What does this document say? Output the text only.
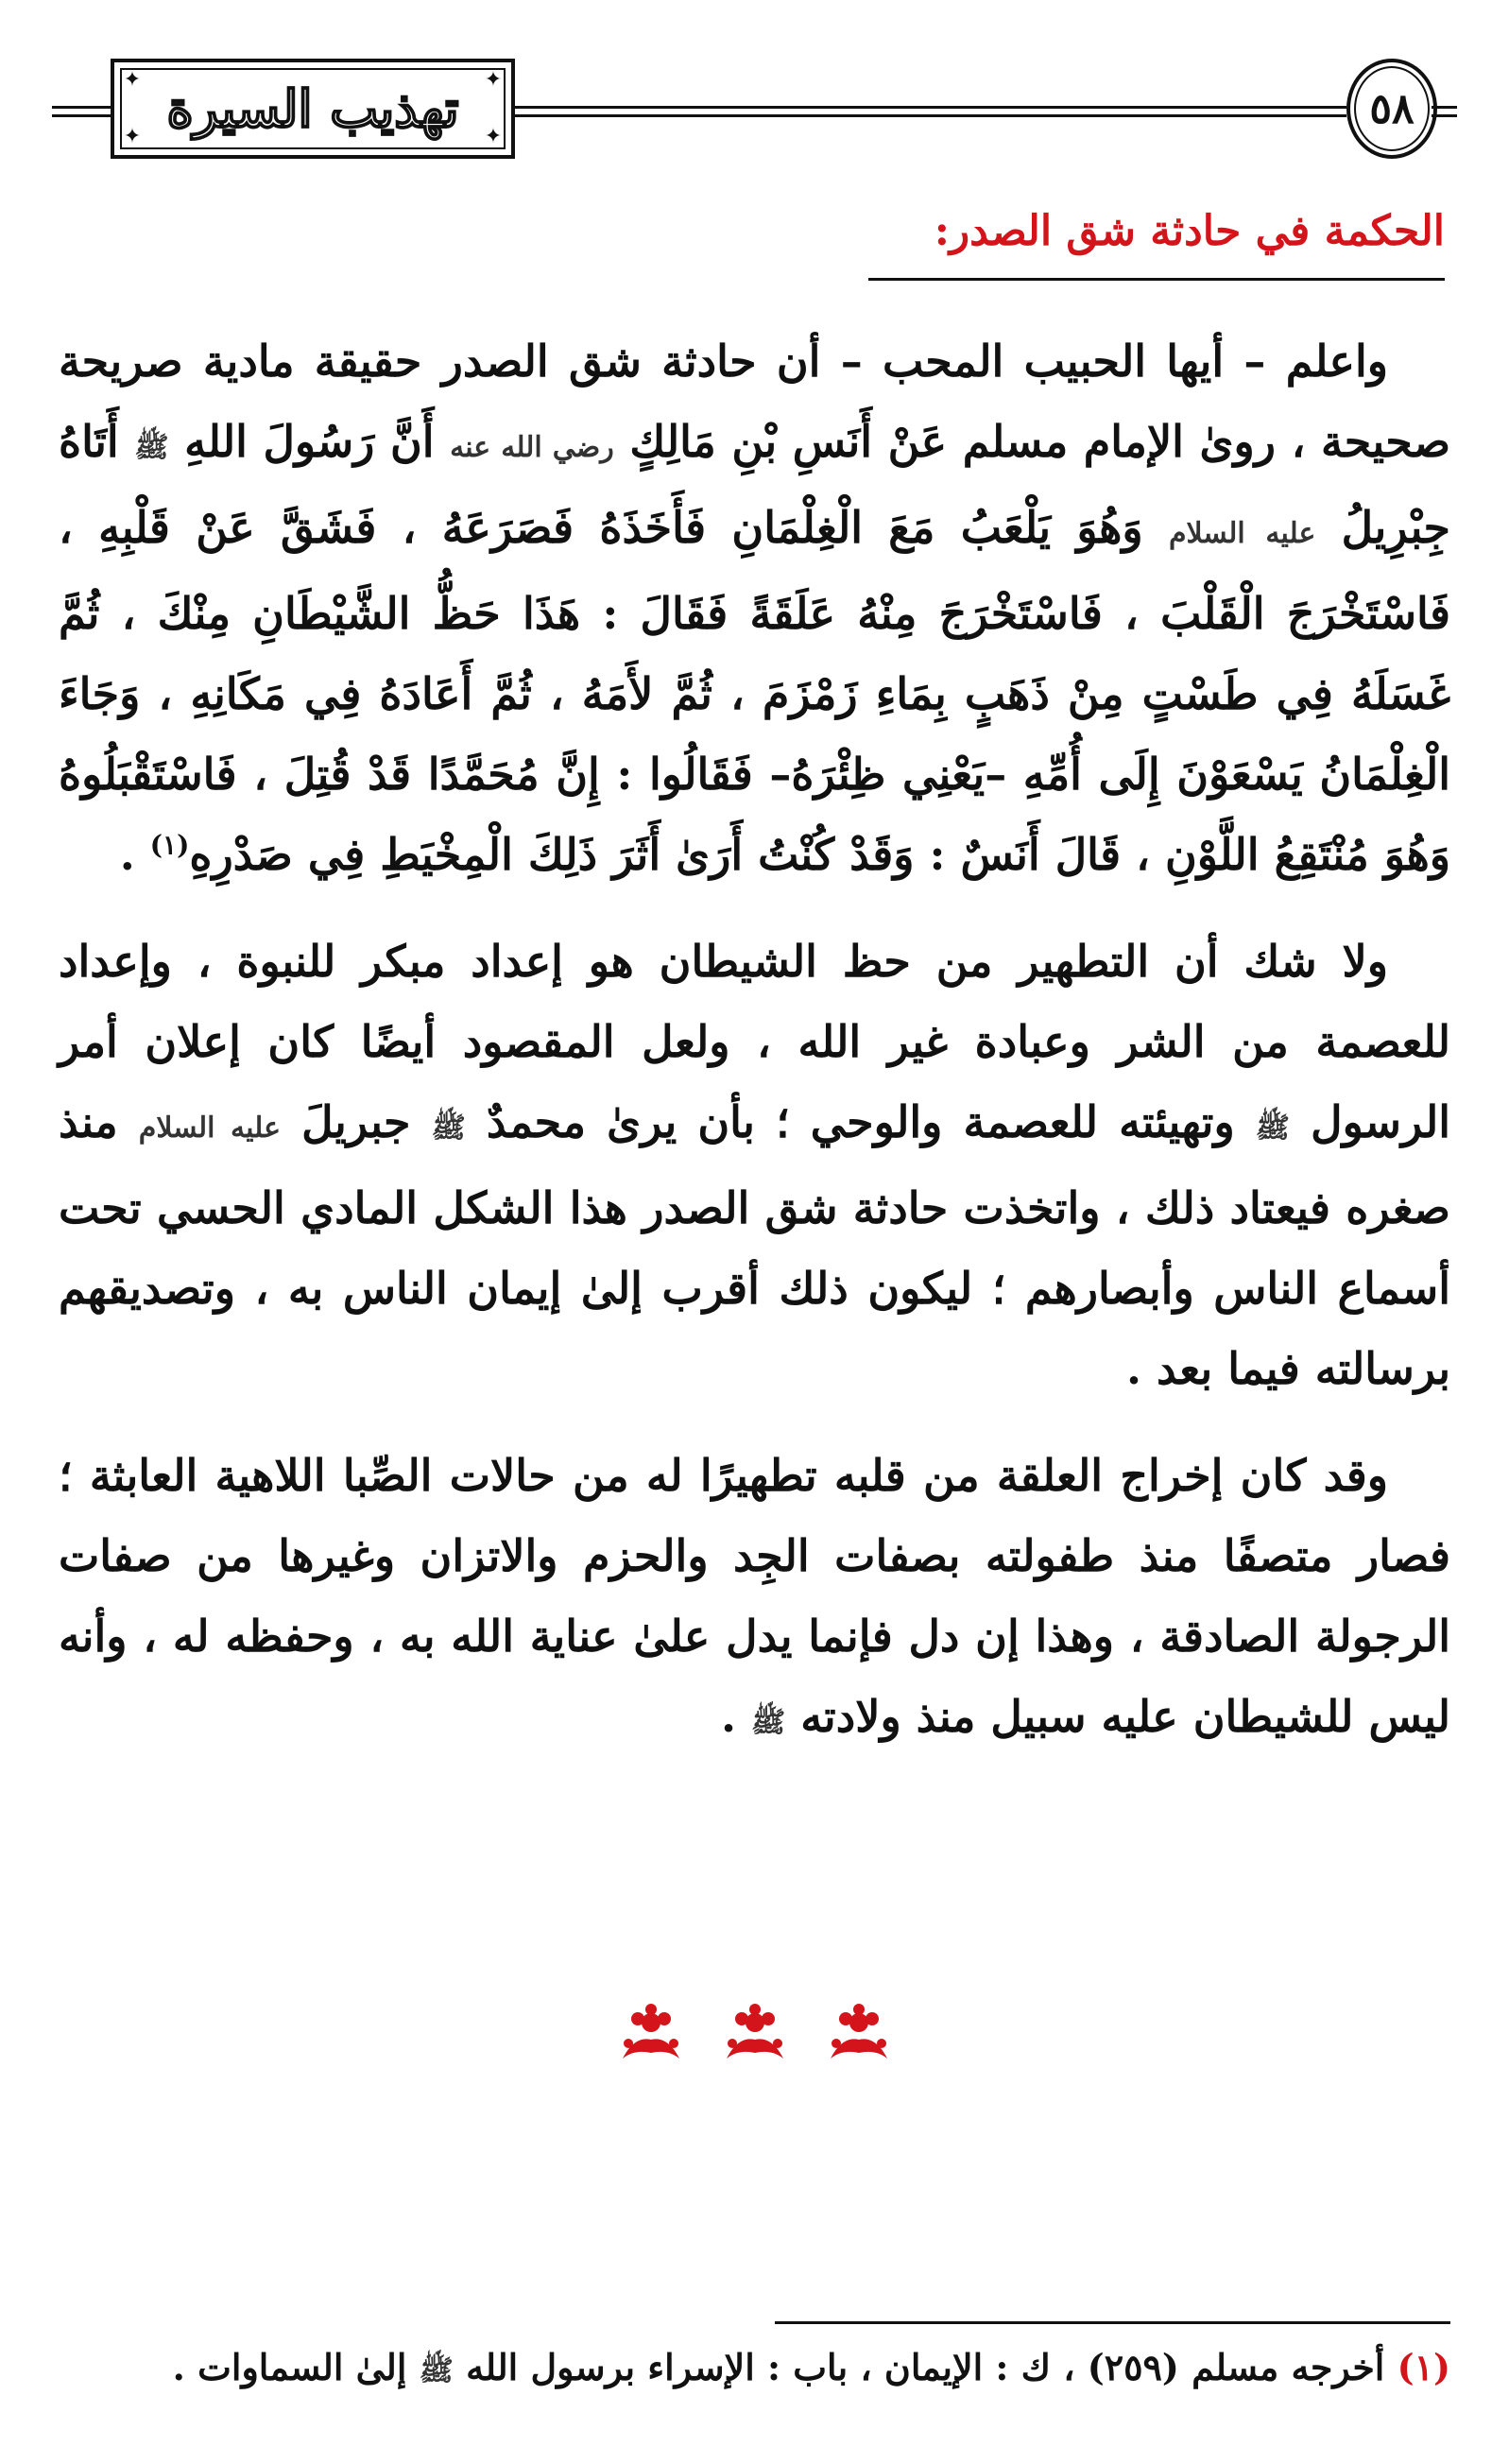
✦	✦
✦	✦
تهذيب السيرة	٥٨
الحكمة في حادثة شق الصدر:

واعلم – أيها الحبيب المحب – أن حادثة شق الصدر حقيقة مادية صريحة صحيحة ، روىٰ الإمام مسلم عَنْ أَنَسِ بْنِ مَالِكٍ رضي الله عنه أَنَّ رَسُولَ اللهِ ﷺ أَتَاهُ جِبْرِيلُ عليه السلام وَهُوَ يَلْعَبُ مَعَ الْغِلْمَانِ فَأَخَذَهُ فَصَرَعَهُ ، فَشَقَّ عَنْ قَلْبِهِ ، فَاسْتَخْرَجَ الْقَلْبَ ، فَاسْتَخْرَجَ مِنْهُ عَلَقَةً فَقَالَ : هَذَا حَظُّ الشَّيْطَانِ مِنْكَ ، ثُمَّ غَسَلَهُ فِي طَسْتٍ مِنْ ذَهَبٍ بِمَاءِ زَمْزَمَ ، ثُمَّ لأَمَهُ ، ثُمَّ أَعَادَهُ فِي مَكَانِهِ ، وَجَاءَ الْغِلْمَانُ يَسْعَوْنَ إِلَى أُمِّهِ –يَعْنِي ظِئْرَهُ– فَقَالُوا : إِنَّ مُحَمَّدًا قَدْ قُتِلَ ، فَاسْتَقْبَلُوهُ وَهُوَ مُنْتَقِعُ اللَّوْنِ ، قَالَ أَنَسٌ : وَقَدْ كُنْتُ أَرَىٰ أَثَرَ ذَلِكَ الْمِخْيَطِ فِي صَدْرِهِ$^{(١)}$ .

ولا شك أن التطهير من حظ الشيطان هو إعداد مبكر للنبوة ، وإعداد للعصمة من الشر وعبادة غير الله ، ولعل المقصود أيضًا كان إعلان أمر الرسول ﷺ وتهيئته للعصمة والوحي ؛ بأن يرىٰ محمدٌ ﷺ جبريلَ عليه السلام منذ صغره فيعتاد ذلك ، واتخذت حادثة شق الصدر هذا الشكل المادي الحسي تحت أسماع الناس وأبصارهم ؛ ليكون ذلك أقرب إلىٰ إيمان الناس به ، وتصديقهم برسالته فيما بعد .

وقد كان إخراج العلقة من قلبه تطهيرًا له من حالات الصِّبا اللاهية العابثة ؛ فصار متصفًا منذ طفولته بصفات الجِد والحزم والاتزان وغيرها من صفات الرجولة الصادقة ، وهذا إن دل فإنما يدل علىٰ عناية الله به ، وحفظه له ، وأنه ليس للشيطان عليه سبيل منذ ولادته ﷺ .

(١) أخرجه مسلم (٢٥٩) ، ك : الإيمان ، باب : الإسراء برسول الله ﷺ إلىٰ السماوات .
